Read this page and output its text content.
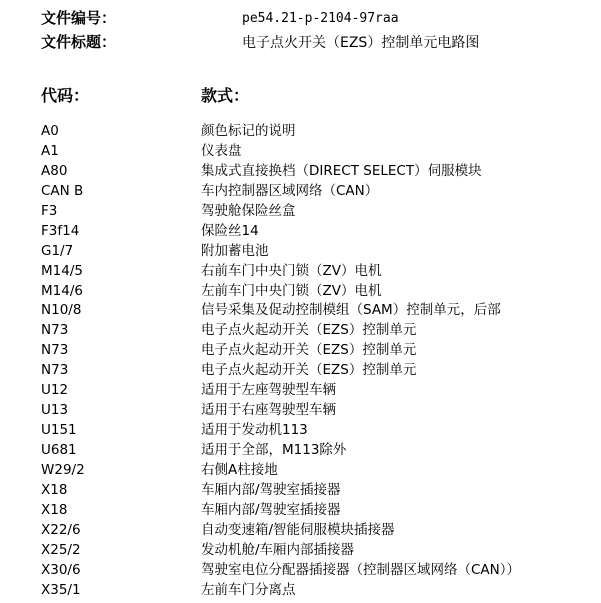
文件编号：	pe54.21-p-2104-97raa
文件标题：	电子点火开关（EZS）控制单元电路图
代码：	款式：
A0	颜色标记的说明
A1	仪表盘
A80	集成式直接换档（DIRECT SELECT）伺服模块
CAN B	车内控制器区域网络（CAN）
F3	驾驶舱保险丝盒
F3f14	保险丝14
G1/7	附加蓄电池
M14/5	右前车门中央门锁（ZV）电机
M14/6	左前车门中央门锁（ZV）电机
N10/8	信号采集及促动控制模组（SAM）控制单元，后部
N73	电子点火起动开关（EZS）控制单元
N73	电子点火起动开关（EZS）控制单元
N73	电子点火起动开关（EZS）控制单元
U12	适用于左座驾驶型车辆
U13	适用于右座驾驶型车辆
U151	适用于发动机113
U681	适用于全部，M113除外
W29/2	右侧A柱接地
X18	车厢内部/驾驶室插接器
X18	车厢内部/驾驶室插接器
X22/6	自动变速箱/智能伺服模块插接器
X25/2	发动机舱/车厢内部插接器
X30/6	驾驶室电位分配器插接器（控制器区域网络（CAN））
X35/1	左前车门分离点
